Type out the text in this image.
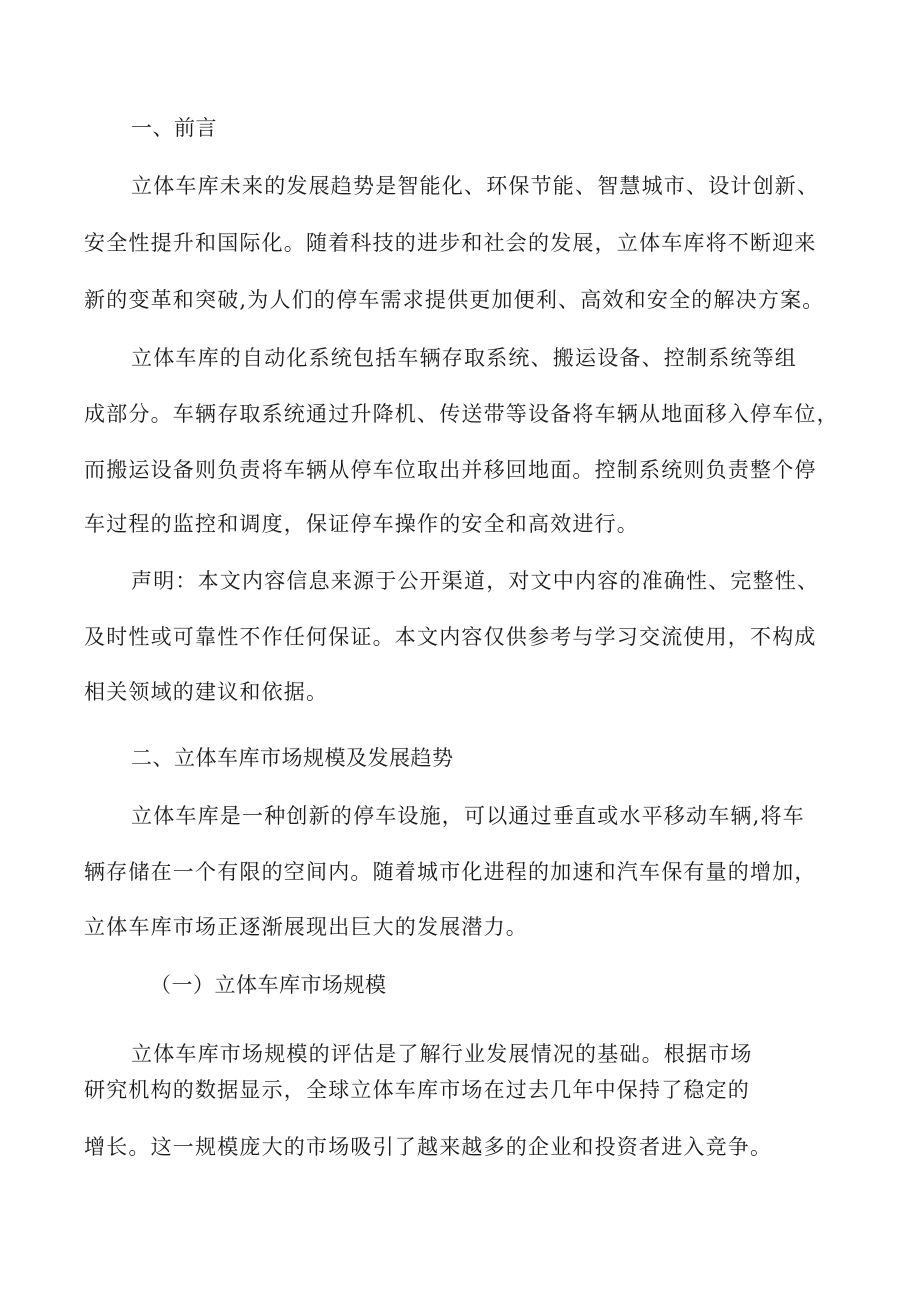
一、前言
立体车库未来的发展趋势是智能化、环保节能、智慧城市、设计创新、
安全性提升和国际化。随着科技的进步和社会的发展，立体车库将不断迎来
新的变革和突破,为人们的停车需求提供更加便利、高效和安全的解决方案。
立体车库的自动化系统包括车辆存取系统、搬运设备、控制系统等组
成部分。车辆存取系统通过升降机、传送带等设备将车辆从地面移入停车位，
而搬运设备则负责将车辆从停车位取出并移回地面。控制系统则负责整个停
车过程的监控和调度，保证停车操作的安全和高效进行。
声明：本文内容信息来源于公开渠道，对文中内容的准确性、完整性、
及时性或可靠性不作任何保证。本文内容仅供参考与学习交流使用，不构成
相关领域的建议和依据。
二、立体车库市场规模及发展趋势
立体车库是一种创新的停车设施，可以通过垂直或水平移动车辆,将车
辆存储在一个有限的空间内。随着城市化进程的加速和汽车保有量的增加，
立体车库市场正逐渐展现出巨大的发展潜力。
（一）立体车库市场规模
立体车库市场规模的评估是了解行业发展情况的基础。根据市场
研究机构的数据显示，全球立体车库市场在过去几年中保持了稳定的
增长。这一规模庞大的市场吸引了越来越多的企业和投资者进入竞争。
